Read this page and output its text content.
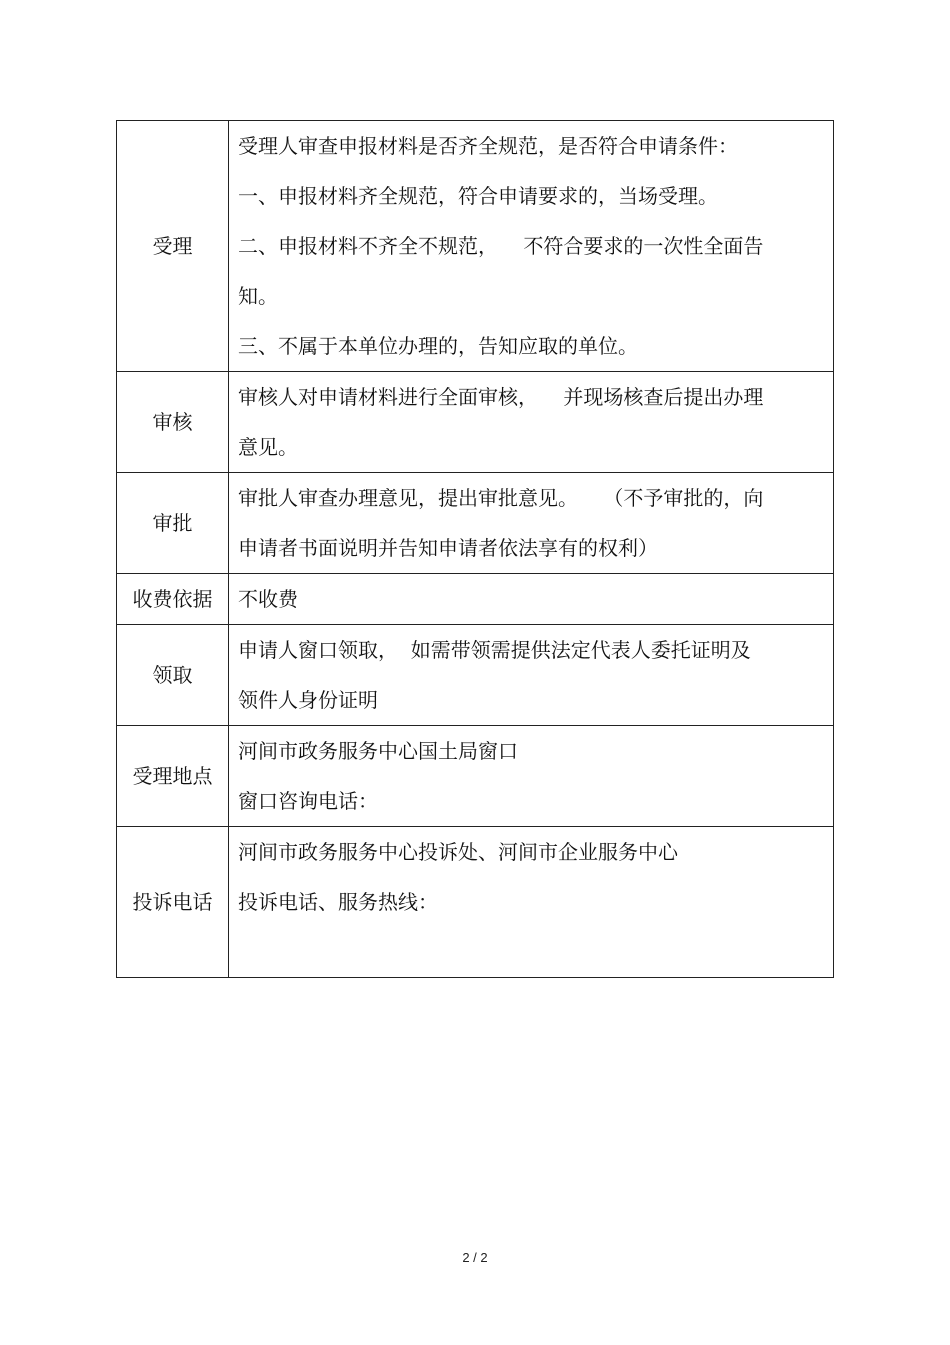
受理	受理人审查申报材料是否齐全规范，是否符合申请条件：
一、申报材料齐全规范，符合申请要求的，当场受理。
二、申报材料不齐全不规范，    不符合要求的一次性全面告
知。
三、不属于本单位办理的，告知应取的单位。

审核	审核人对申请材料进行全面审核，    并现场核查后提出办理
意见。

审批	审批人审查办理意见，提出审批意见。    （不予审批的，向
申请者书面说明并告知申请者依法享有的权利）

收费依据	不收费

领取	申请人窗口领取，  如需带领需提供法定代表人委托证明及
领件人身份证明

受理地点	河间市政务服务中心国土局窗口
窗口咨询电话：

投诉电话	河间市政务服务中心投诉处、河间市企业服务中心
投诉电话、服务热线：
2 / 2
